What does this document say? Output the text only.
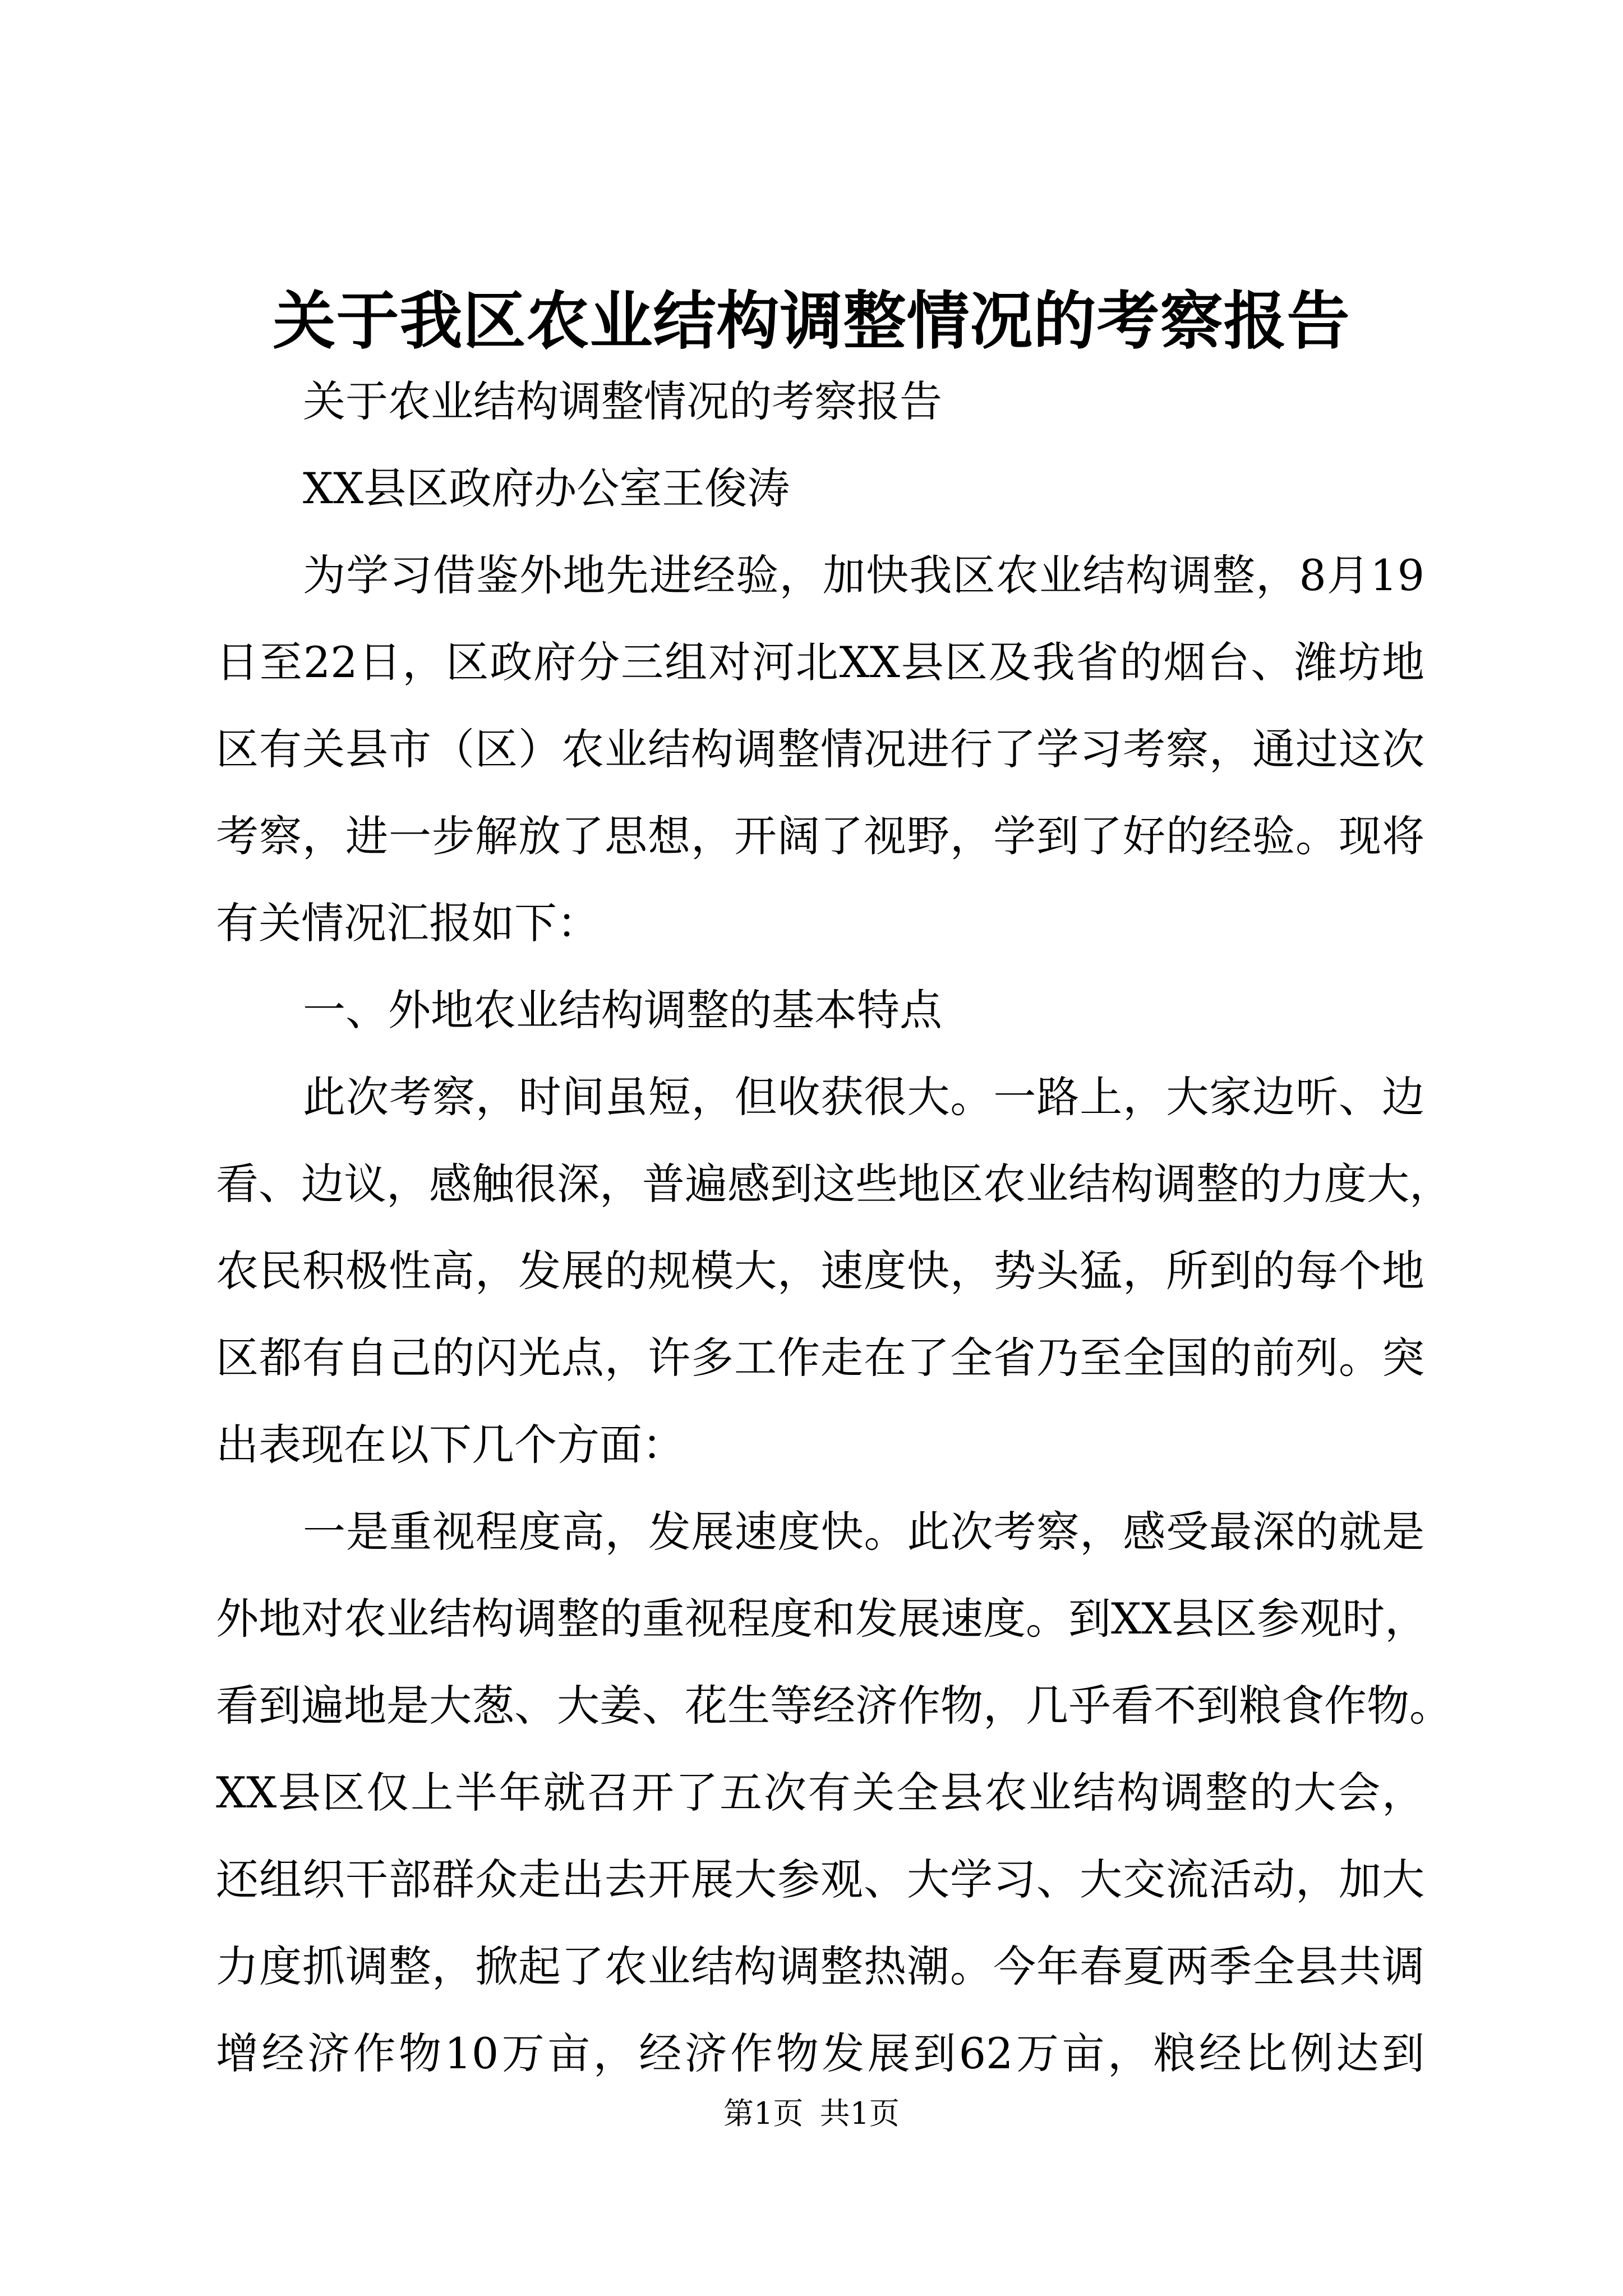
关于我区农业结构调整情况的考察报告
关于农业结构调整情况的考察报告
XX县区政府办公室王俊涛
为学习借鉴外地先进经验，加快我区农业结构调整，8月19
日至22日，区政府分三组对河北XX县区及我省的烟台、潍坊地
区有关县市（区）农业结构调整情况进行了学习考察，通过这次
考察，进一步解放了思想，开阔了视野，学到了好的经验。现将
有关情况汇报如下：
一、外地农业结构调整的基本特点
此次考察，时间虽短，但收获很大。一路上，大家边听、边
看、边议，感触很深，普遍感到这些地区农业结构调整的力度大，
农民积极性高，发展的规模大，速度快，势头猛，所到的每个地
区都有自己的闪光点，许多工作走在了全省乃至全国的前列。突
出表现在以下几个方面：
一是重视程度高，发展速度快。此次考察，感受最深的就是
外地对农业结构调整的重视程度和发展速度。到XX县区参观时，
看到遍地是大葱、大姜、花生等经济作物，几乎看不到粮食作物。
XX县区仅上半年就召开了五次有关全县农业结构调整的大会，
还组织干部群众走出去开展大参观、大学习、大交流活动，加大
力度抓调整，掀起了农业结构调整热潮。今年春夏两季全县共调
增经济作物10万亩，经济作物发展到62万亩，粮经比例达到
第1页 共1页
